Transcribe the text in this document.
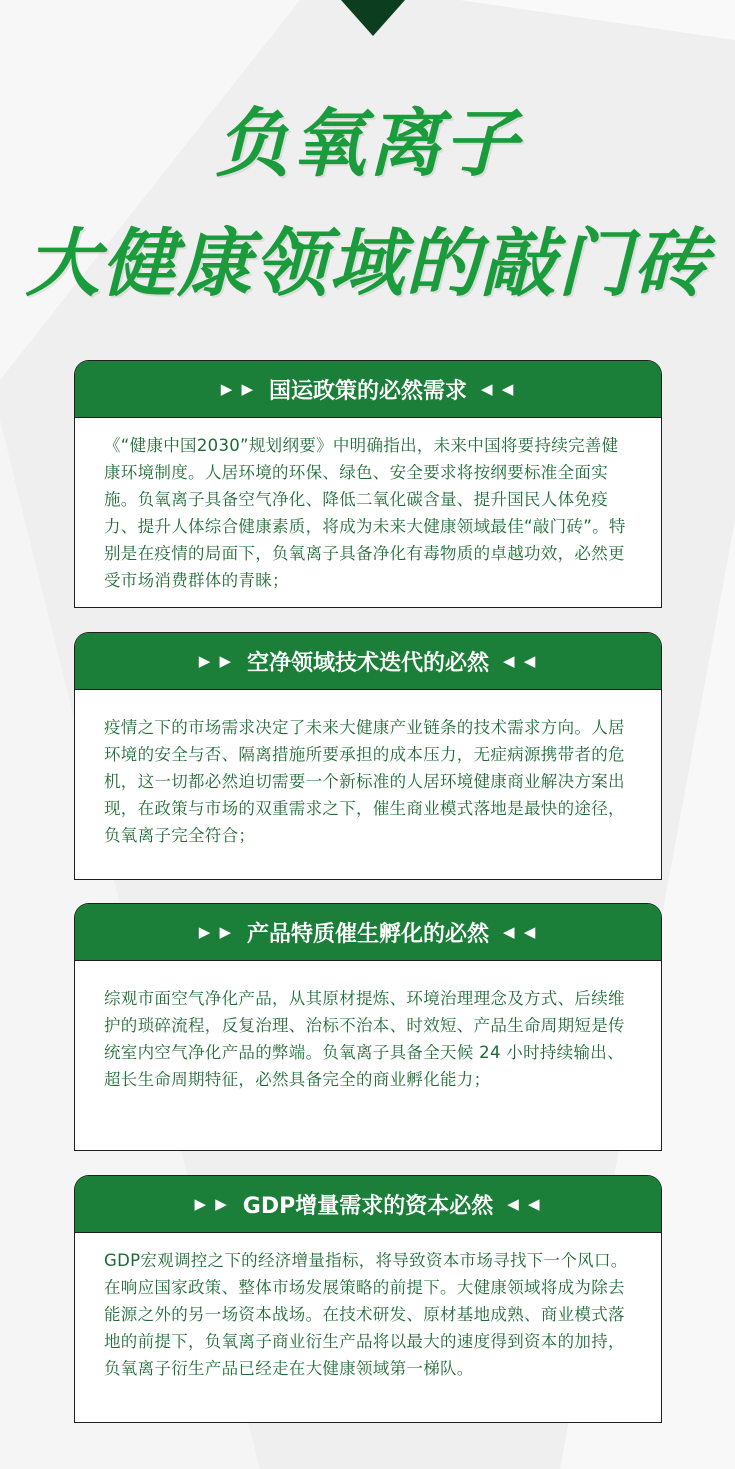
负氧离子
大健康领域的敲门砖
▶ ▶ 国运政策的必然需求 ◀ ◀
《“健康中国2030”规划纲要》中明确指出，未来中国将要持续完善健康环境制度。人居环境的环保、绿色、安全要求将按纲要标准全面实施。负氧离子具备空气净化、降低二氧化碳含量、提升国民人体免疫力、提升人体综合健康素质，将成为未来大健康领域最佳“敲门砖”。特别是在疫情的局面下，负氧离子具备净化有毒物质的卓越功效，必然更受市场消费群体的青睐；
▶ ▶ 空净领域技术迭代的必然 ◀ ◀
疫情之下的市场需求决定了未来大健康产业链条的技术需求方向。人居环境的安全与否、隔离措施所要承担的成本压力，无症病源携带者的危机，这一切都必然迫切需要一个新标准的人居环境健康商业解决方案出现，在政策与市场的双重需求之下，催生商业模式落地是最快的途径，负氧离子完全符合；
▶ ▶ 产品特质催生孵化的必然 ◀ ◀
综观市面空气净化产品，从其原材提炼、环境治理理念及方式、后续维护的琐碎流程，反复治理、治标不治本、时效短、产品生命周期短是传统室内空气净化产品的弊端。负氧离子具备全天候 24 小时持续输出、超长生命周期特征，必然具备完全的商业孵化能力；
▶ ▶ GDP增量需求的资本必然 ◀ ◀
GDP宏观调控之下的经济增量指标，将导致资本市场寻找下一个风口。在响应国家政策、整体市场发展策略的前提下。大健康领域将成为除去能源之外的另一场资本战场。在技术研发、原材基地成熟、商业模式落地的前提下，负氧离子商业衍生产品将以最大的速度得到资本的加持，负氧离子衍生产品已经走在大健康领域第一梯队。
